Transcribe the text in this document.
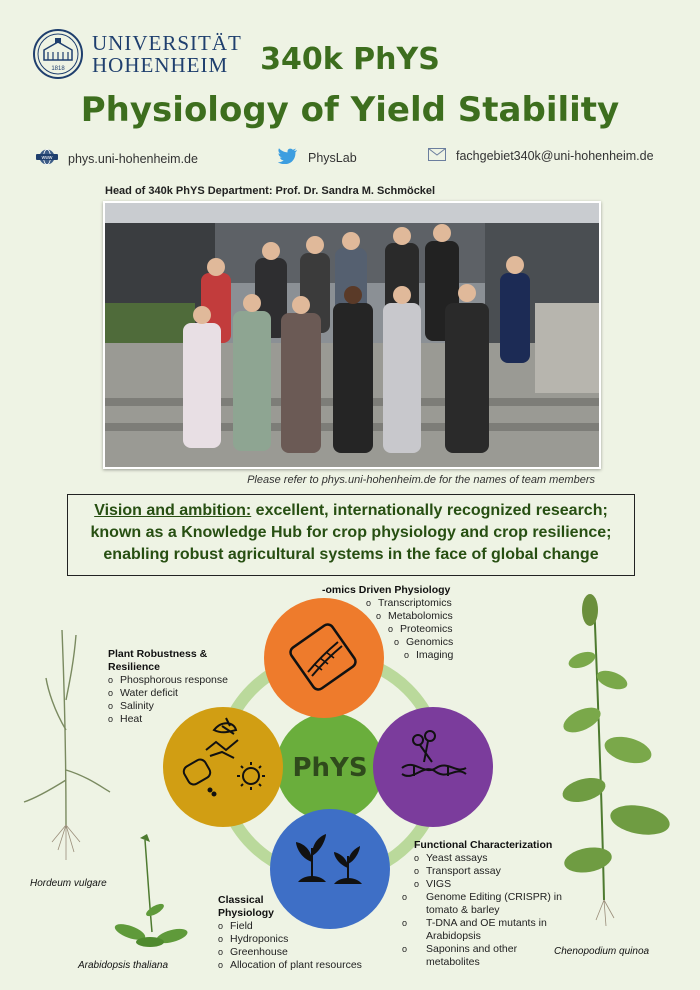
1818
UNIVERSITÄT
HOHENHEIM	340k PhYS
Physiology of Yield Stability
www phys.uni-hohenheim.de	PhysLab	fachgebiet340k@uni-hohenheim.de
Head of 340k PhYS Department: Prof. Dr. Sandra M. Schmöckel
Please refer to phys.uni-hohenheim.de for the names of team members
Vision and ambition: excellent, internationally recognized research;
known as a Knowledge Hub for crop physiology and crop resilience;
enabling robust agricultural systems in the face of global change
PhYS
-omics Driven Physiology
o Transcriptomics
o Metabolomics
o Proteomics
o Genomics
o Imaging
Plant Robustness &
Resilience
o Phosphorous response
o Water deficit
o Salinity
o Heat
Functional Characterization
o Yeast assays
o Transport assay
o VIGS
o Genome Editing (CRISPR) in tomato & barley
o T-DNA and OE mutants in Arabidopsis
o Saponins and other metabolites
Classical
Physiology
o Field
o Hydroponics
o Greenhouse
o Allocation of plant resources
Hordeum vulgare
Arabidopsis thaliana
Chenopodium quinoa
